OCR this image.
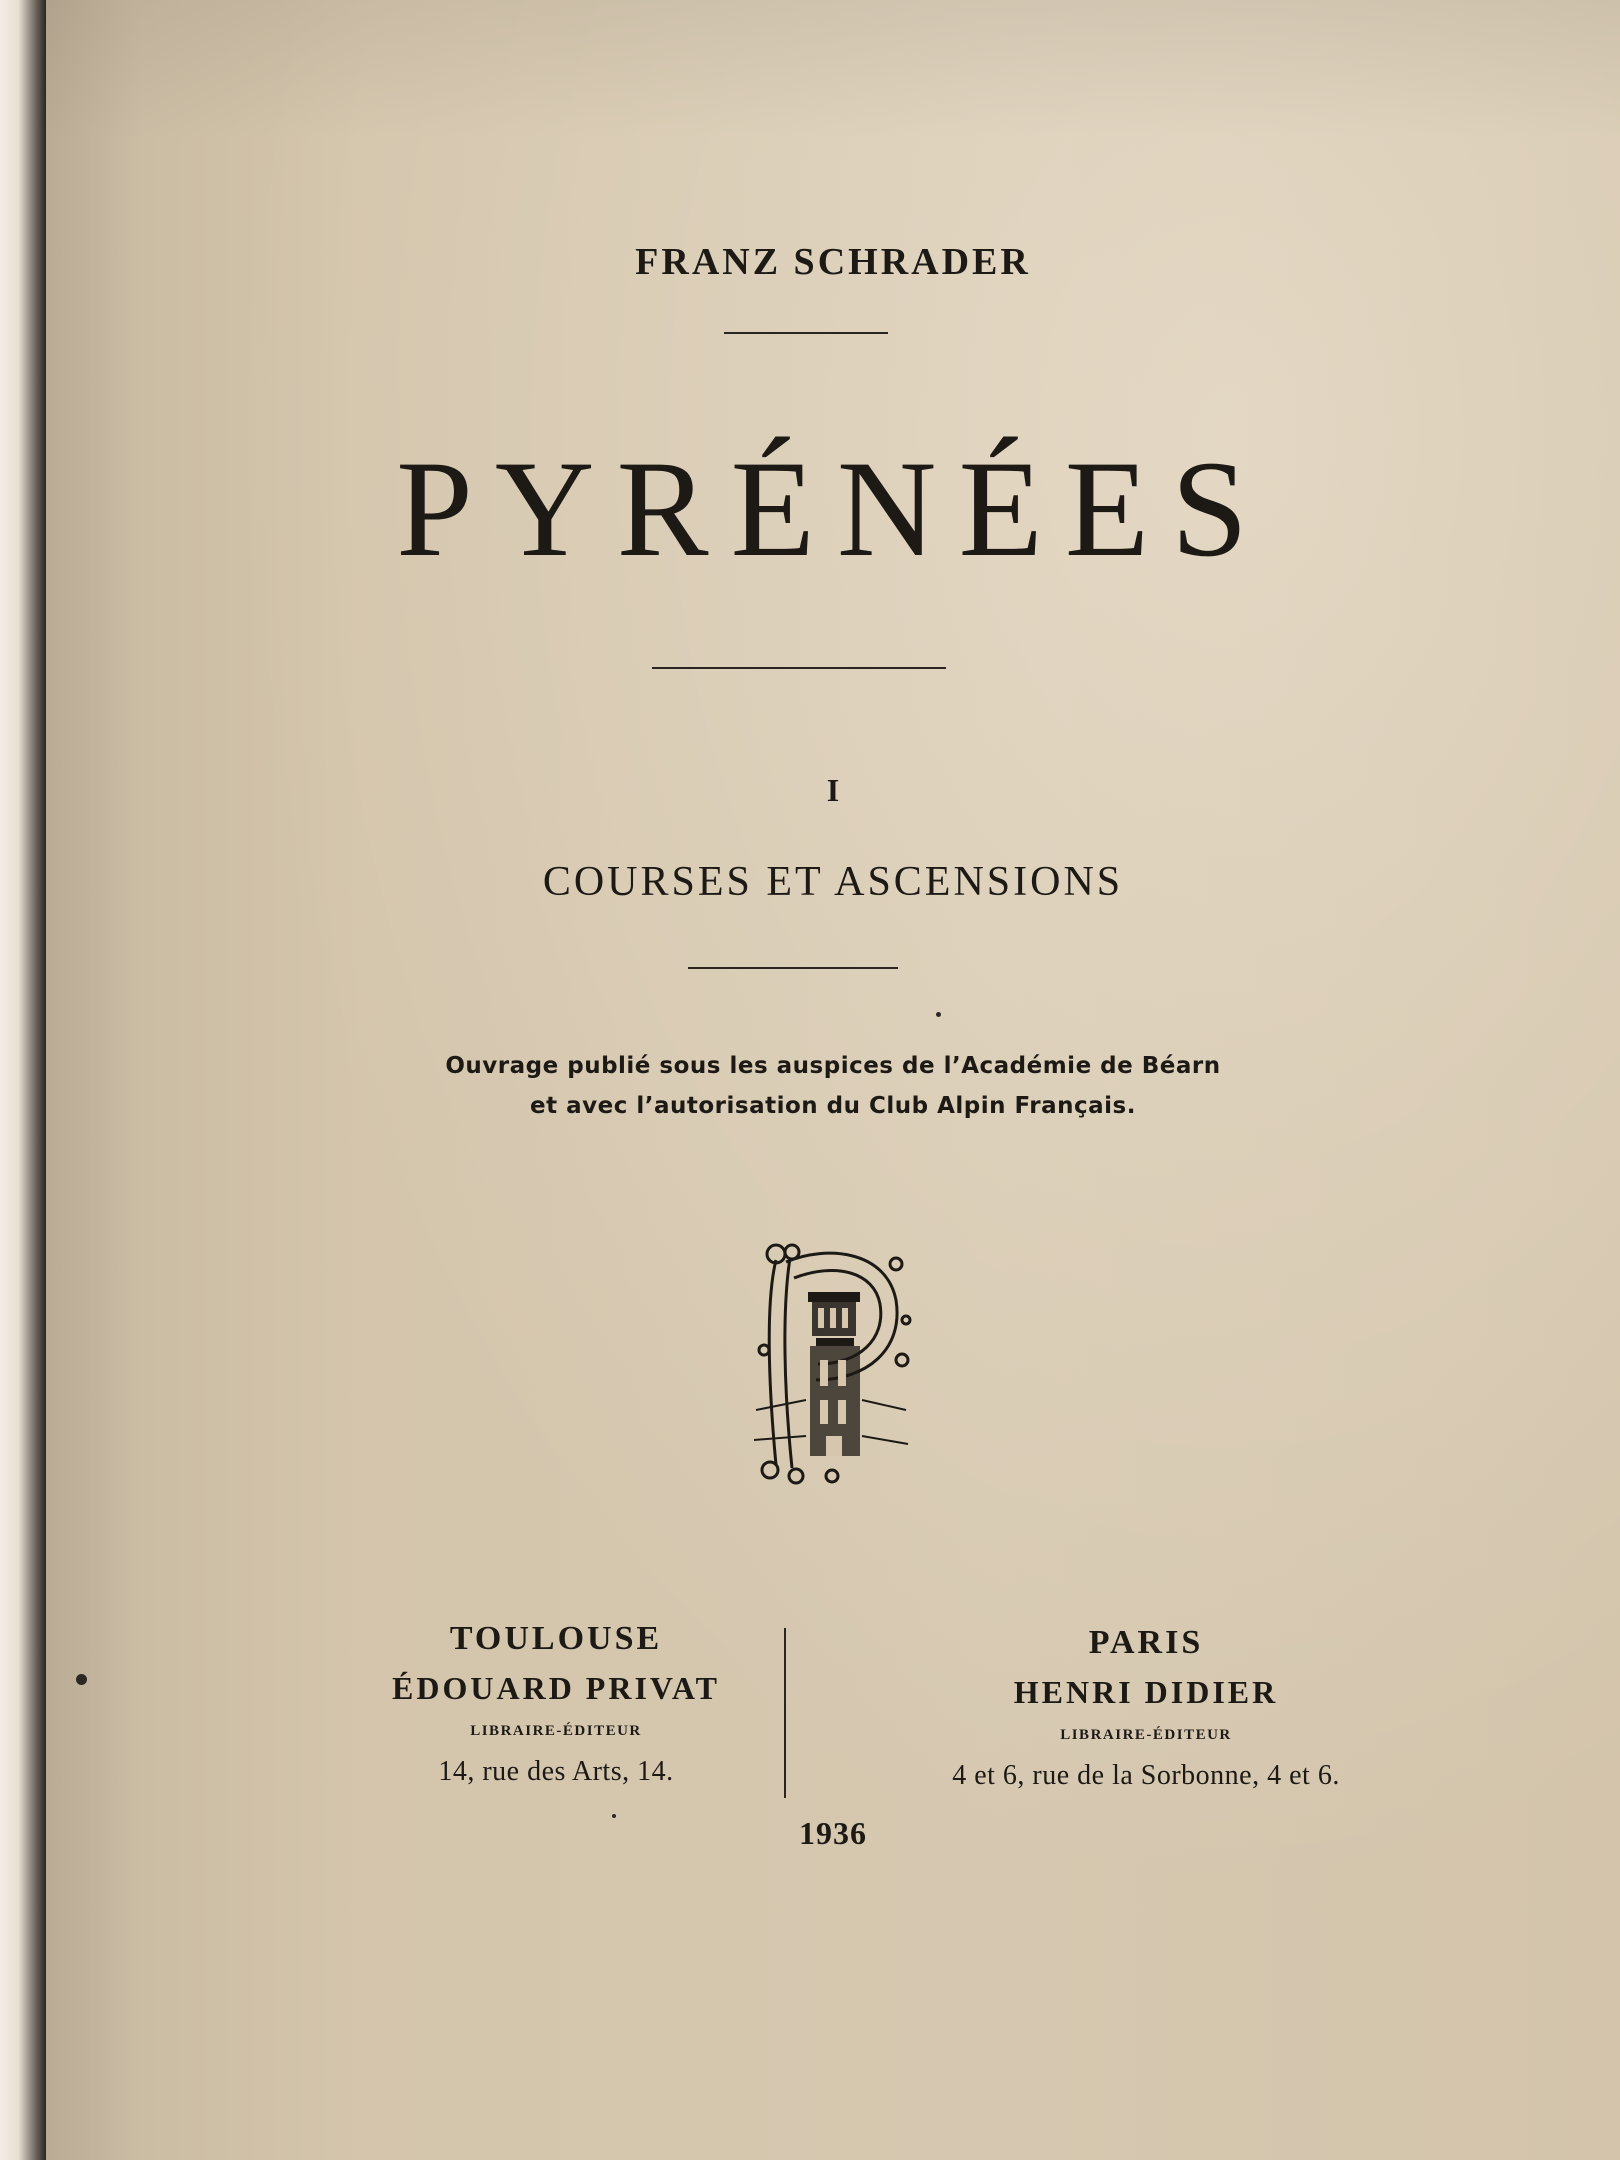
FRANZ SCHRADER
PYRÉNÉES
I
COURSES ET ASCENSIONS
Ouvrage publié sous les auspices de l’Académie de Béarn
et avec l’autorisation du Club Alpin Français.
TOULOUSE
ÉDOUARD PRIVAT
LIBRAIRE-ÉDITEUR
14, rue des Arts, 14.
PARIS
HENRI DIDIER
LIBRAIRE-ÉDITEUR
4 et 6, rue de la Sorbonne, 4 et 6.
1936
